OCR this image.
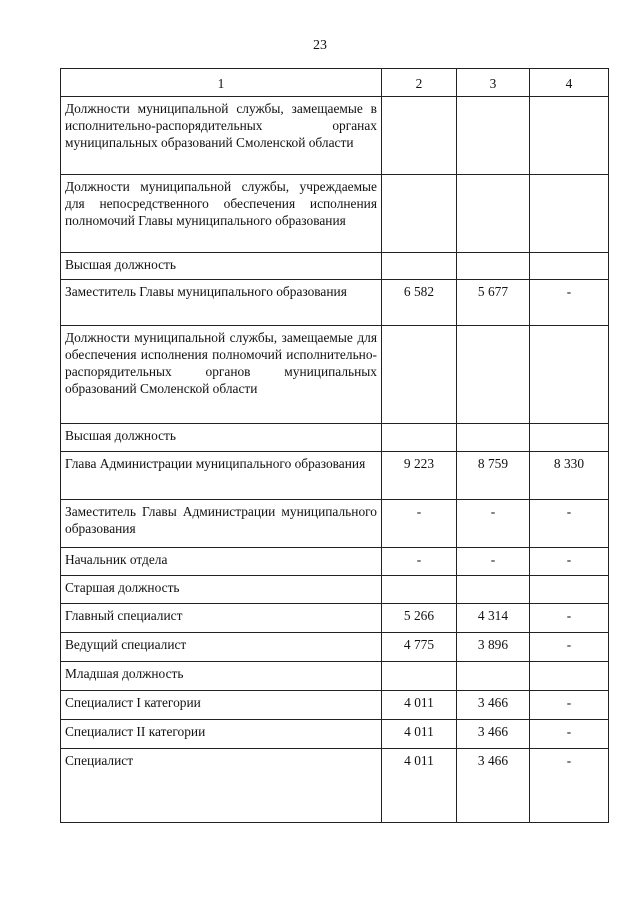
23
1	2	3	4
Должности муниципальной службы, замещаемые в исполнительно-распорядительных органах муниципальных образований Смоленской области			
Должности муниципальной службы, учреждаемые для непосредственного обеспечения исполнения полномочий Главы муниципального образования			
Высшая должность			
Заместитель Главы муниципального образования	6 582	5 677	-
Должности муниципальной службы, замещаемые для обеспечения исполнения полномочий исполнительно-распорядительных органов муниципальных образований Смоленской области			
Высшая должность			
Глава Администрации муниципального образования	9 223	8 759	8 330
Заместитель Главы Администрации муниципального образования	-	-	-
Начальник отдела	-	-	-
Старшая должность			
Главный специалист	5 266	4 314	-
Ведущий специалист	4 775	3 896	-
Младшая должность			
Специалист I категории	4 011	3 466	-
Специалист II категории	4 011	3 466	-
Специалист	4 011	3 466	-
